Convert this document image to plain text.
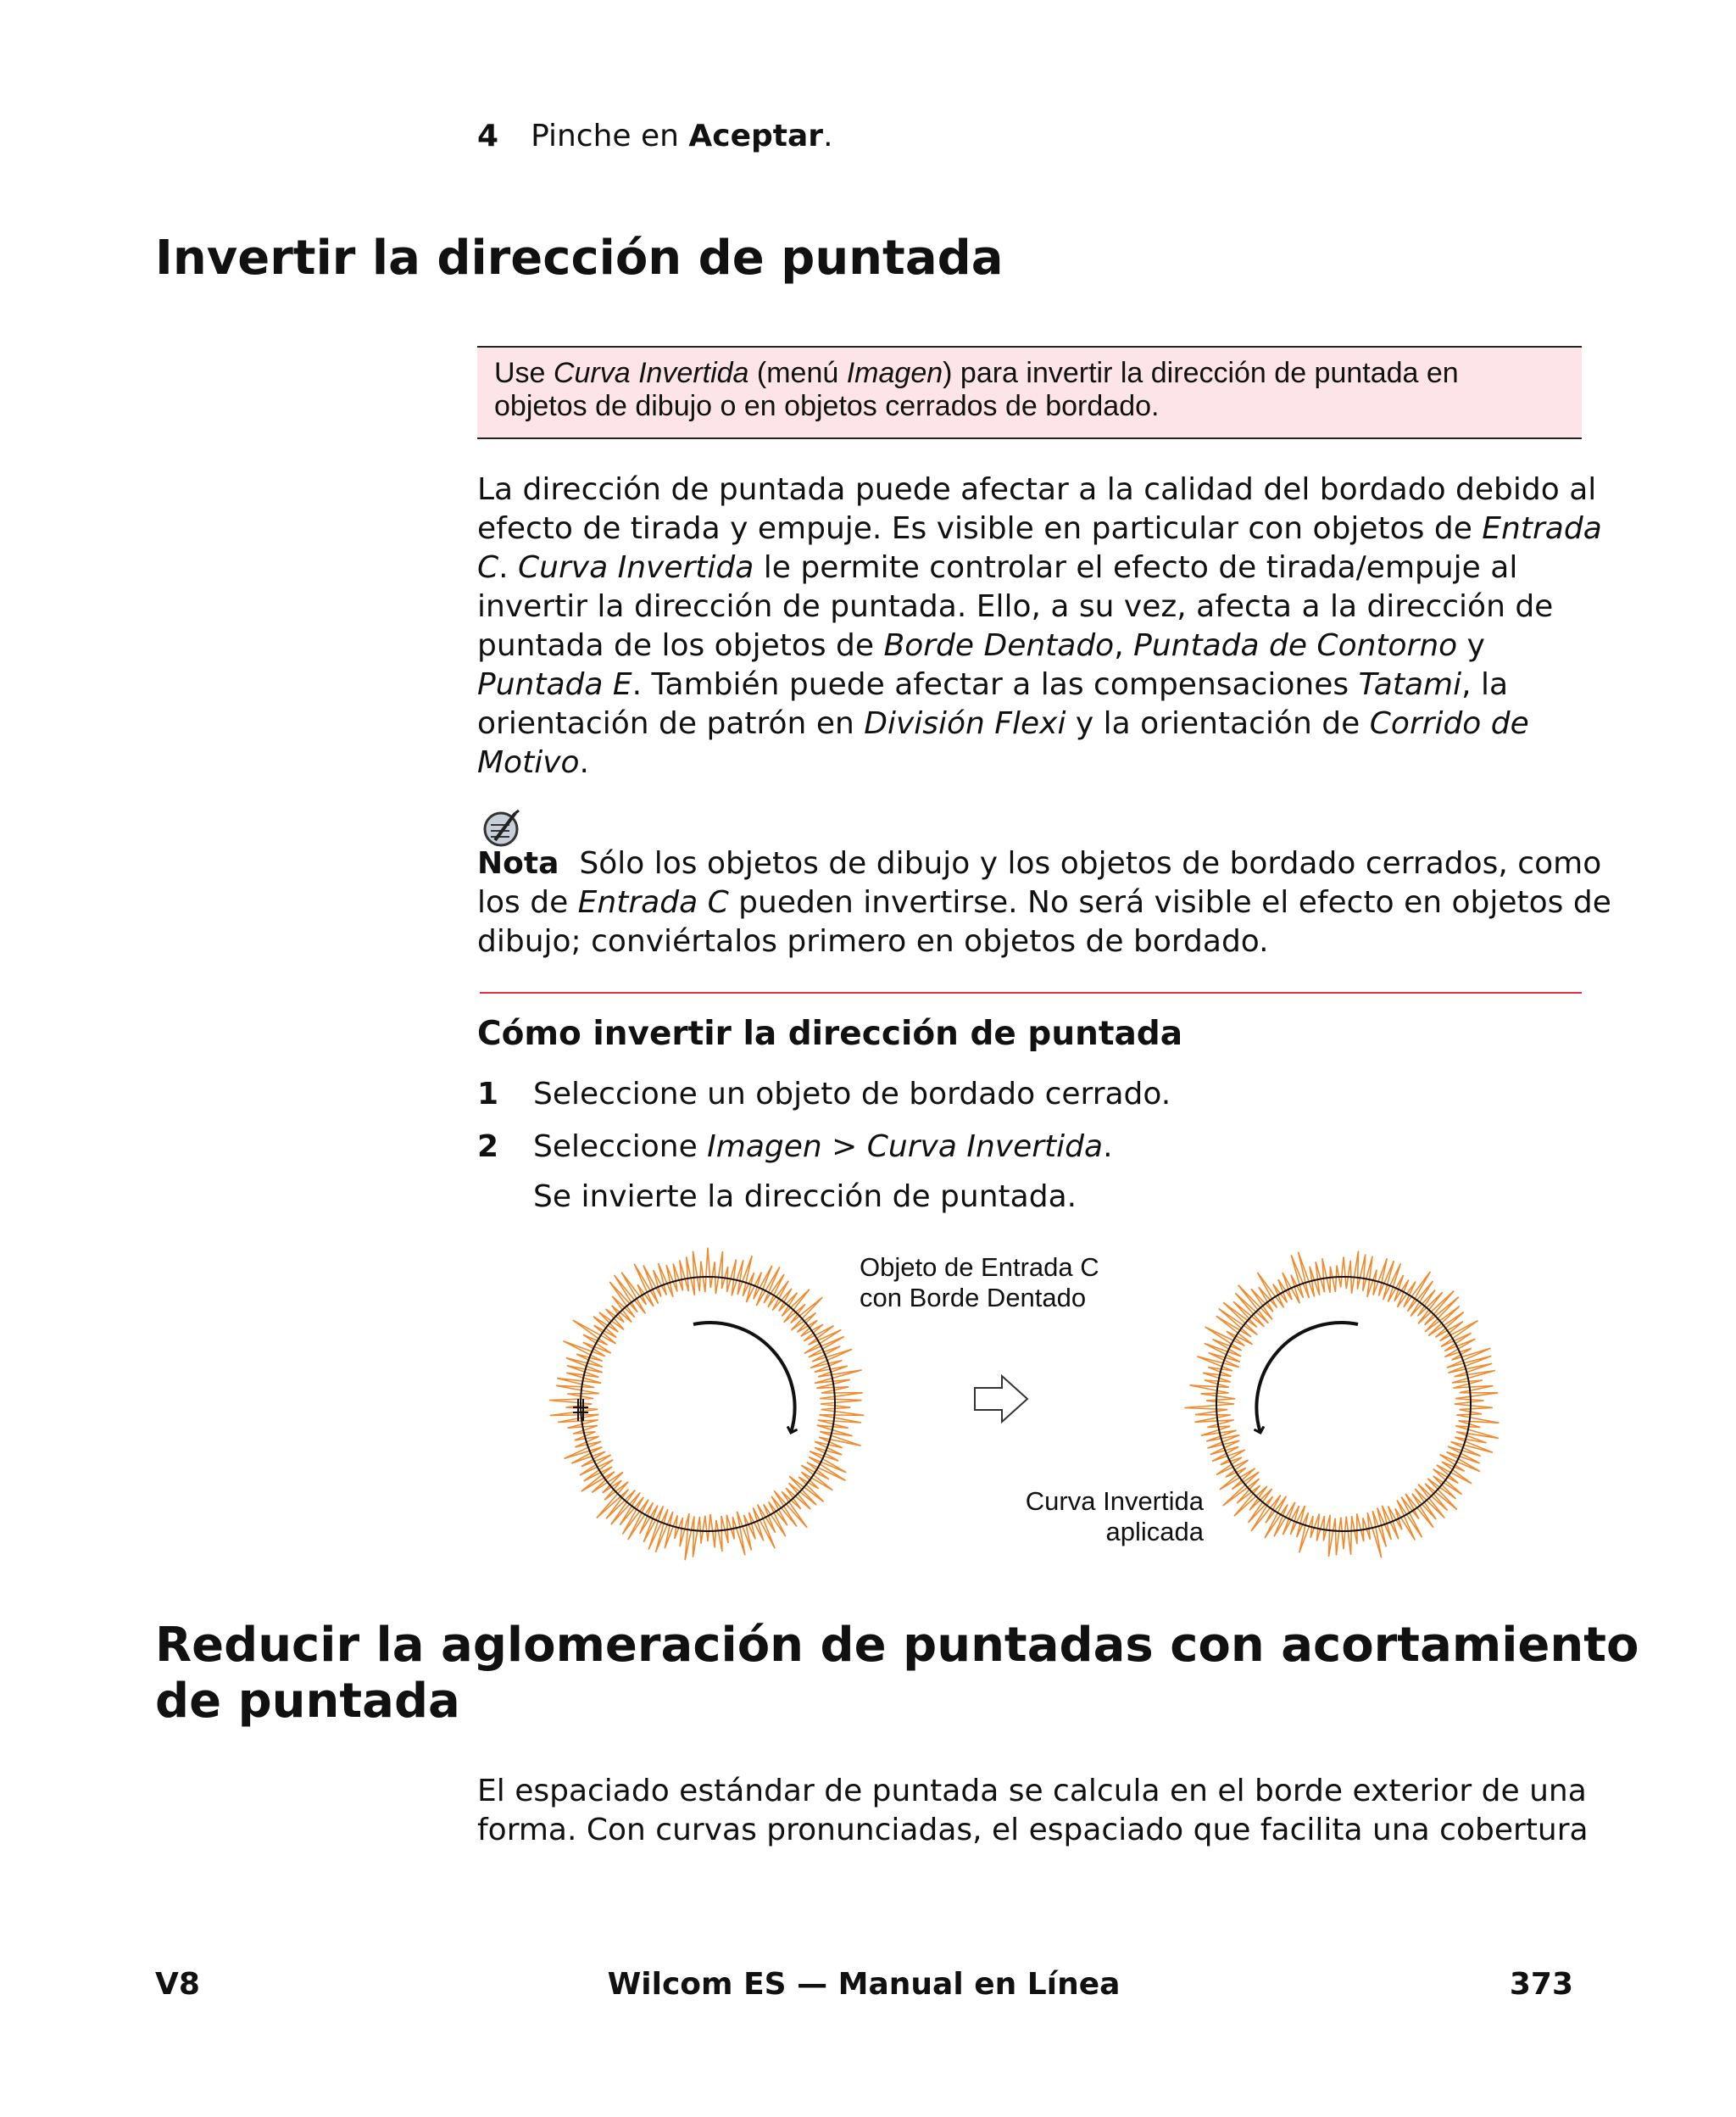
4 Pinche en Aceptar.
Invertir la dirección de puntada
Use Curva Invertida (menú Imagen) para invertir la dirección de puntada en
objetos de dibujo o en objetos cerrados de bordado.
La dirección de puntada puede afectar a la calidad del bordado debido al
efecto de tirada y empuje. Es visible en particular con objetos de Entrada
C. Curva Invertida le permite controlar el efecto de tirada/empuje al
invertir la dirección de puntada. Ello, a su vez, afecta a la dirección de
puntada de los objetos de Borde Dentado, Puntada de Contorno y
Puntada E. También puede afectar a las compensaciones Tatami, la
orientación de patrón en División Flexi y la orientación de Corrido de
Motivo.
Nota Sólo los objetos de dibujo y los objetos de bordado cerrados, como
los de Entrada C pueden invertirse. No será visible el efecto en objetos de
dibujo; conviértalos primero en objetos de bordado.
Cómo invertir la dirección de puntada
1 Seleccione un objeto de bordado cerrado.
2 Seleccione Imagen > Curva Invertida.
Se invierte la dirección de puntada.
Objeto de Entrada C
con Borde Dentado
Curva Invertida
aplicada
Reducir la aglomeración de puntadas con acortamiento
de puntada
El espaciado estándar de puntada se calcula en el borde exterior de una
forma. Con curvas pronunciadas, el espaciado que facilita una cobertura
V8	Wilcom ES — Manual en Línea	373
